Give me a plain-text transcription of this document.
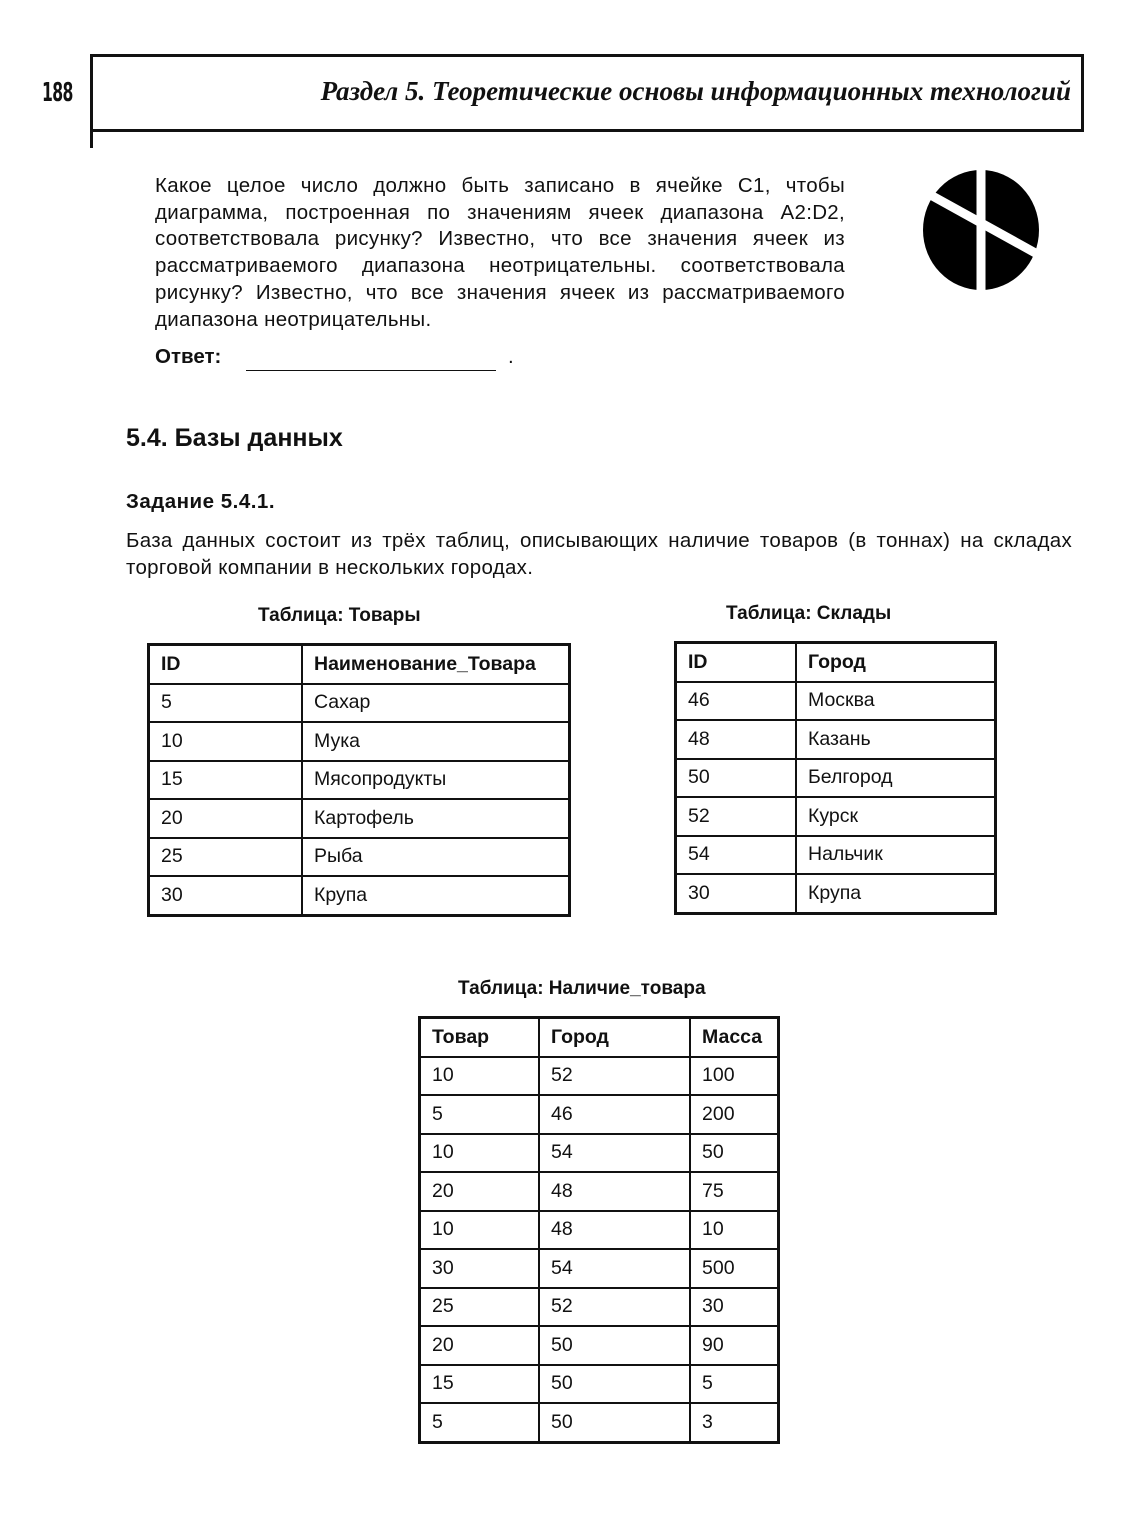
188	Раздел 5. Теоретические основы информационных технологий
Какое целое число должно быть записано в ячейке C1, чтобы диаграмма, построенная по значениям ячеек диапазона A2:D2, соответствовала рисунку? Известно, что все значения ячеек из рассматриваемого диапазона неотрицательны. соответствовала рисунку? Известно, что все значения ячеек из рассматриваемого диапазона неотрицательны.
Ответ:	.
5.4. Базы данных
Задание 5.4.1.
База данных состоит из трёх таблиц, описывающих наличие товаров (в тоннах) на складах торговой компании в нескольких городах.
Таблица: Товары
ID	Наименование_Товара
5	Сахар
10	Мука
15	Мясопродукты
20	Картофель
25	Рыба
30	Крупа
Таблица: Склады
ID	Город
46	Москва
48	Казань
50	Белгород
52	Курск
54	Нальчик
30	Крупа
Таблица: Наличие_товара
Товар	Город	Масса
10	52	100
5	46	200
10	54	50
20	48	75
10	48	10
30	54	500
25	52	30
20	50	90
15	50	5
5	50	3
